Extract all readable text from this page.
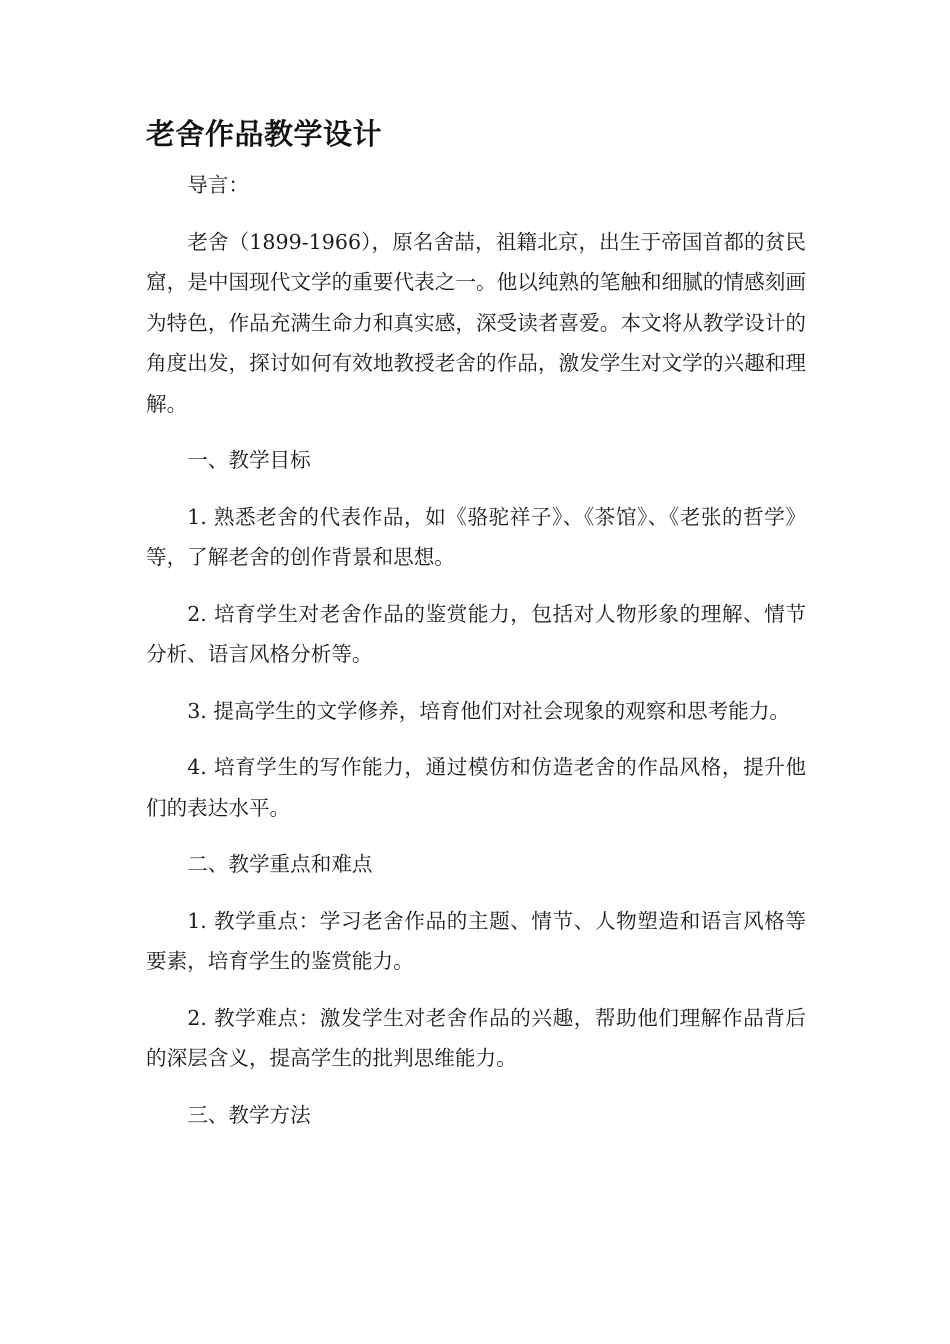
老舍作品教学设计

导言：

老舍（1899-1966），原名舍喆，祖籍北京，出生于帝国首都的贫民窟，是中国现代文学的重要代表之一。他以纯熟的笔触和细腻的情感刻画为特色，作品充满生命力和真实感，深受读者喜爱。本文将从教学设计的角度出发，探讨如何有效地教授老舍的作品，激发学生对文学的兴趣和理解。

一、教学目标

1. 熟悉老舍的代表作品，如《骆驼祥子》、《茶馆》、《老张的哲学》等，了解老舍的创作背景和思想。

2. 培育学生对老舍作品的鉴赏能力，包括对人物形象的理解、情节分析、语言风格分析等。

3. 提高学生的文学修养，培育他们对社会现象的观察和思考能力。

4. 培育学生的写作能力，通过模仿和仿造老舍的作品风格，提升他们的表达水平。

二、教学重点和难点

1. 教学重点：学习老舍作品的主题、情节、人物塑造和语言风格等要素，培育学生的鉴赏能力。

2. 教学难点：激发学生对老舍作品的兴趣，帮助他们理解作品背后的深层含义，提高学生的批判思维能力。

三、教学方法
